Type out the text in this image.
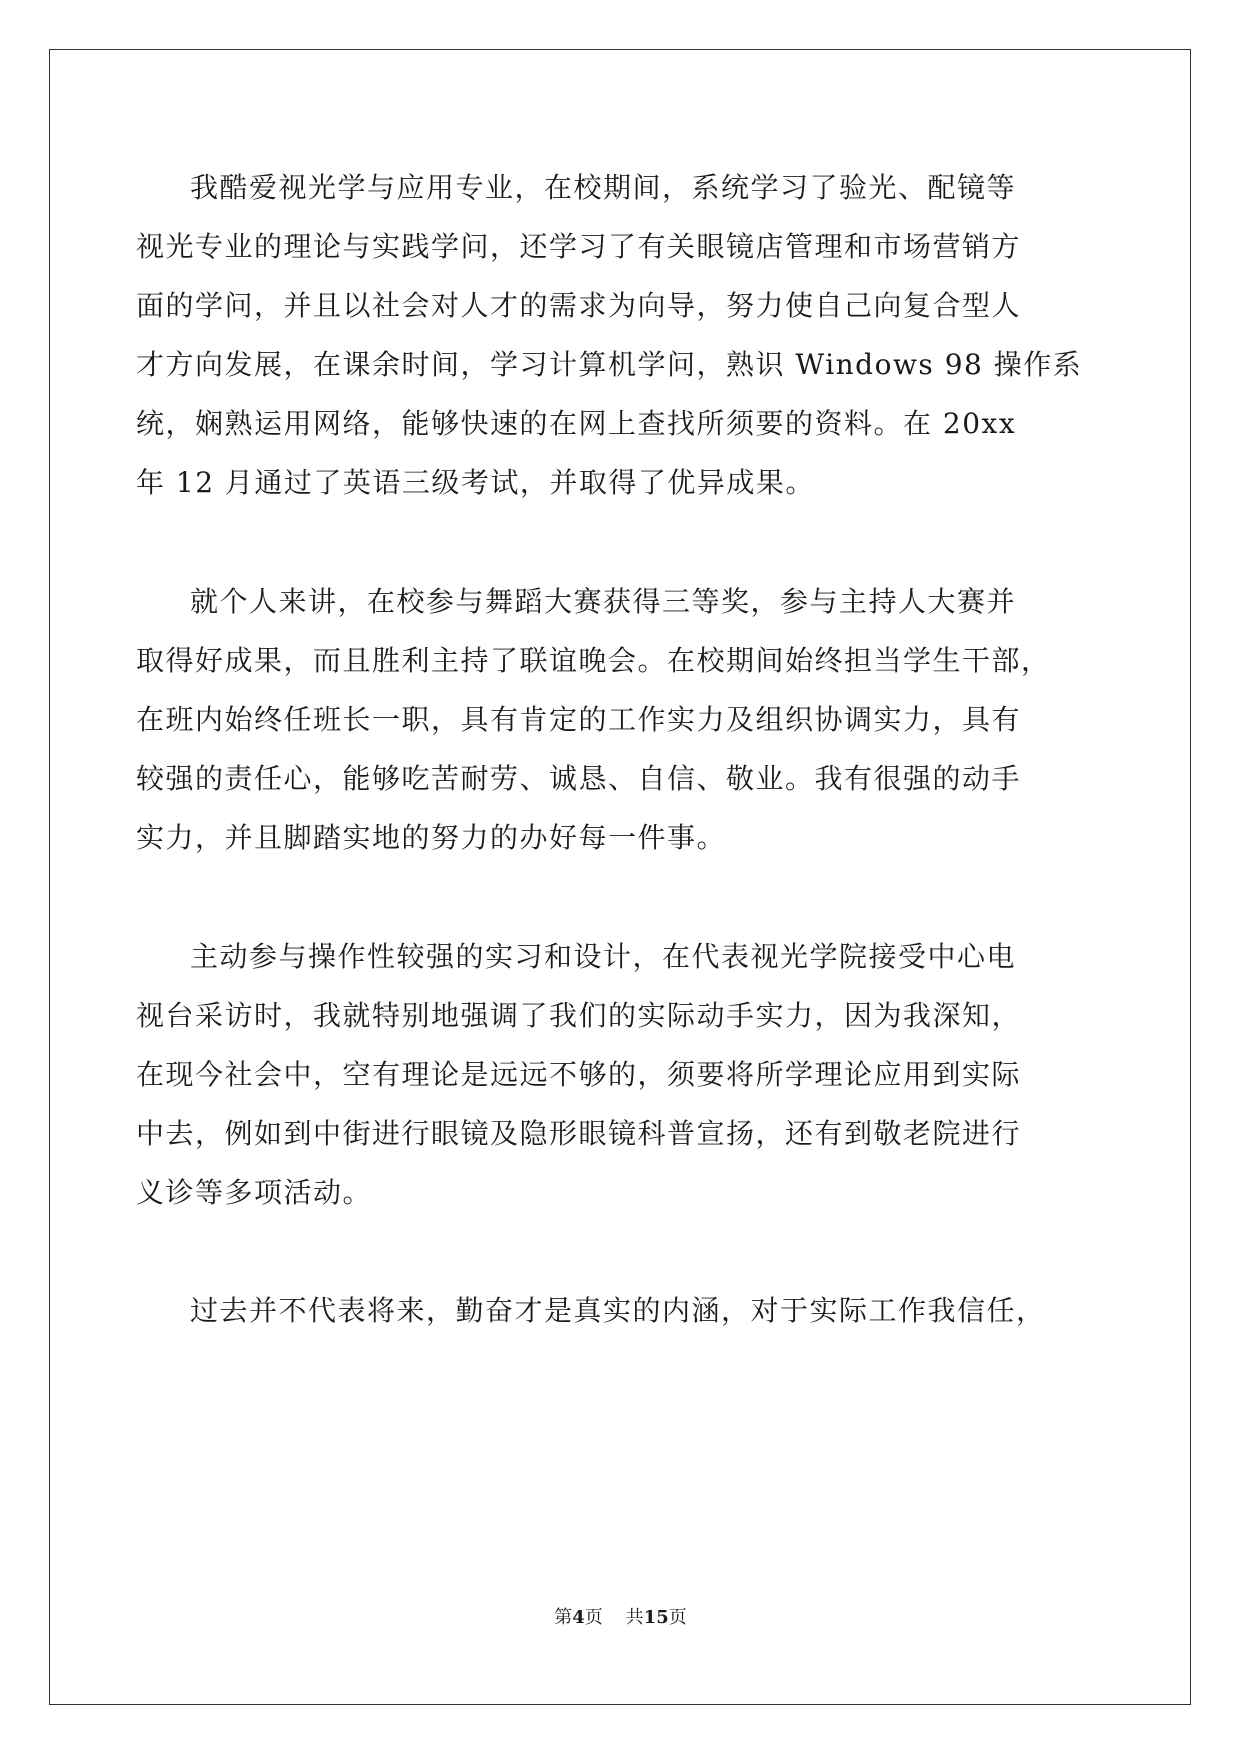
我酷爱视光学与应用专业，在校期间，系统学习了验光、配镜等
视光专业的理论与实践学问，还学习了有关眼镜店管理和市场营销方
面的学问，并且以社会对人才的需求为向导，努力使自己向复合型人
才方向发展，在课余时间，学习计算机学问，熟识 Windows 98 操作系
统，娴熟运用网络，能够快速的在网上查找所须要的资料。在 20xx
年 12 月通过了英语三级考试，并取得了优异成果。
就个人来讲，在校参与舞蹈大赛获得三等奖，参与主持人大赛并
取得好成果，而且胜利主持了联谊晚会。在校期间始终担当学生干部，
在班内始终任班长一职，具有肯定的工作实力及组织协调实力，具有
较强的责任心，能够吃苦耐劳、诚恳、自信、敬业。我有很强的动手
实力，并且脚踏实地的努力的办好每一件事。
主动参与操作性较强的实习和设计，在代表视光学院接受中心电
视台采访时，我就特别地强调了我们的实际动手实力，因为我深知，
在现今社会中，空有理论是远远不够的，须要将所学理论应用到实际
中去，例如到中街进行眼镜及隐形眼镜科普宣扬，还有到敬老院进行
义诊等多项活动。
过去并不代表将来，勤奋才是真实的内涵，对于实际工作我信任，
第4页 共15页
